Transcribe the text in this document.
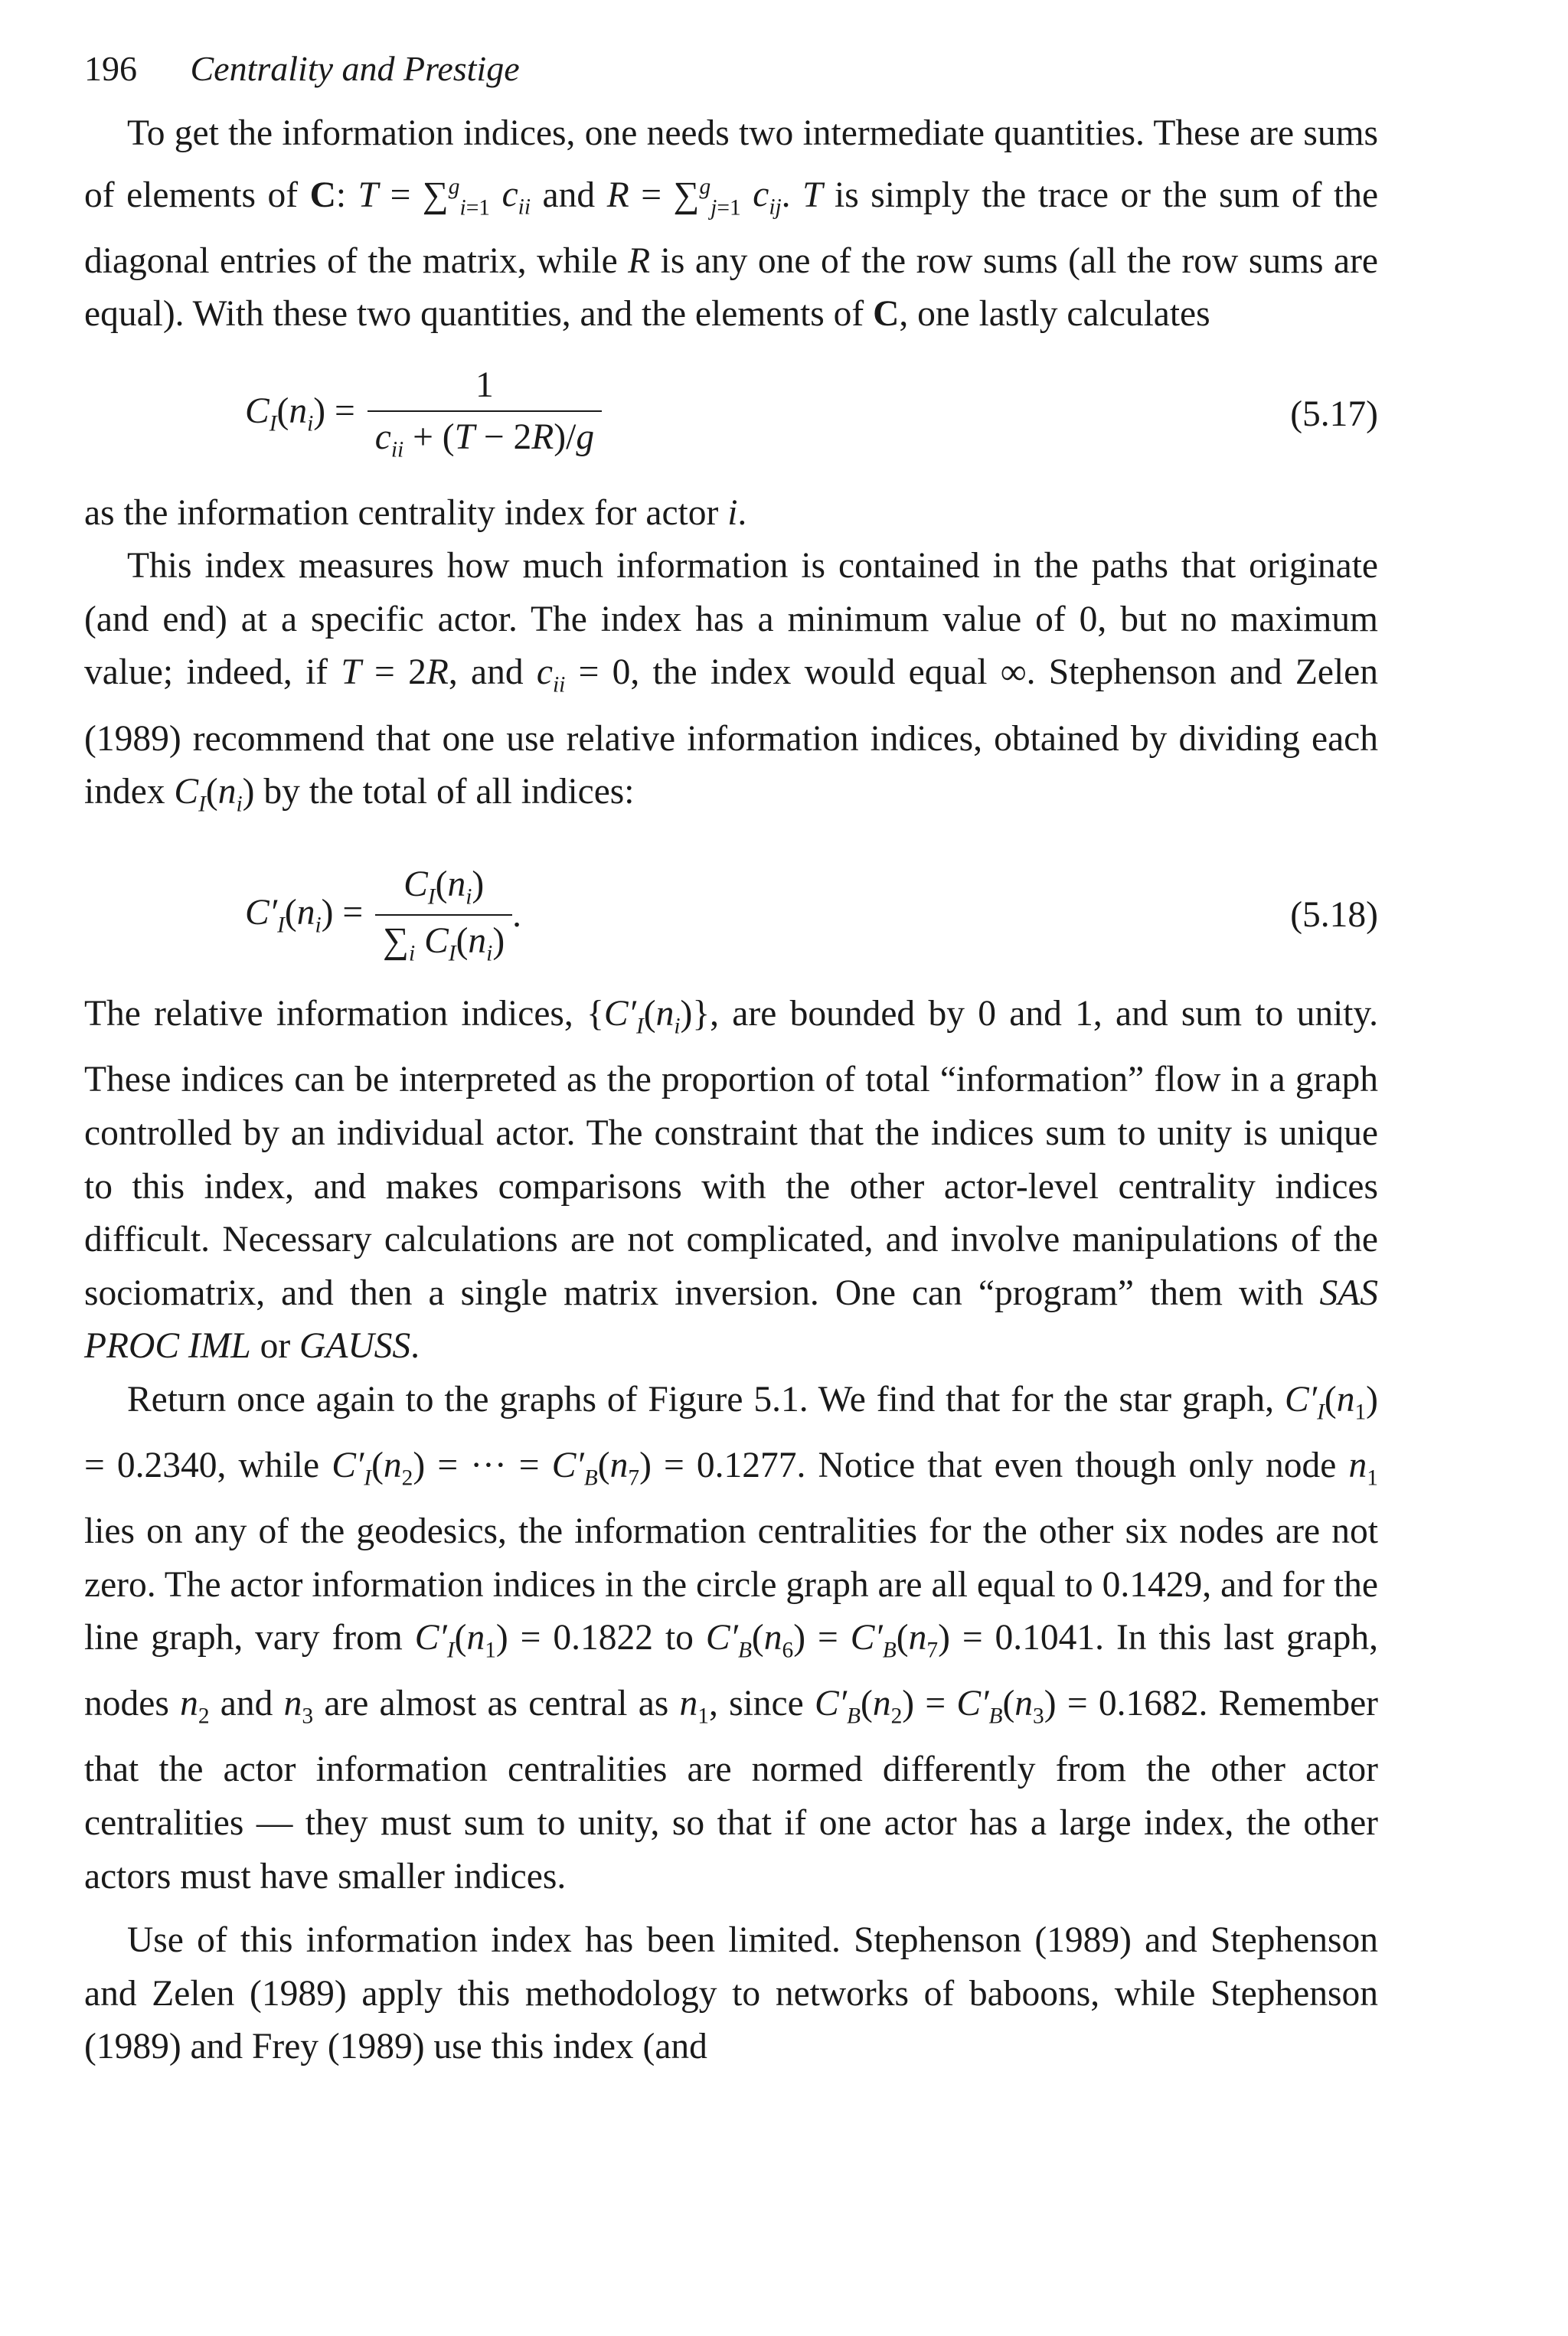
196 Centrality and Prestige

To get the information indices, one needs two intermediate quantities. These are sums of elements of C: T = ∑$^g_{i=1}$ $c_{ii}$ and R = ∑$^g_{j=1}$ $c_{ij}$. T is simply the trace or the sum of the diagonal entries of the matrix, while R is any one of the row sums (all the row sums are equal). With these two quantities, and the elements of C, one lastly calculates

$C_I(n_i) = \frac{1}{c_{ii} + (T - 2R)/g}$	(5.17)

as the information centrality index for actor i.

This index measures how much information is contained in the paths that originate (and end) at a specific actor. The index has a minimum value of 0, but no maximum value; indeed, if T = 2R, and $c_{ii} = 0$, the index would equal ∞. Stephenson and Zelen (1989) recommend that one use relative information indices, obtained by dividing each index $C_I(n_i)$ by the total of all indices:

$C'_I(n_i) = \frac{C_I(n_i)}{\sum_i C_I(n_i)}$ .	(5.18)

The relative information indices, $\{C'_I(n_i)\}$, are bounded by 0 and 1, and sum to unity. These indices can be interpreted as the proportion of total “information” flow in a graph controlled by an individual actor. The constraint that the indices sum to unity is unique to this index, and makes comparisons with the other actor-level centrality indices difficult. Necessary calculations are not complicated, and involve manipulations of the sociomatrix, and then a single matrix inversion. One can “program” them with SAS PROC IML or GAUSS.

Return once again to the graphs of Figure 5.1. We find that for the star graph, $C'_I(n_1) = 0.2340$, while $C'_I(n_2)$ = ··· = $C'_B(n_7) = 0.1277$. Notice that even though only node $n_1$ lies on any of the geodesics, the information centralities for the other six nodes are not zero. The actor information indices in the circle graph are all equal to 0.1429, and for the line graph, vary from $C'_I(n_1) = 0.1822$ to $C'_B(n_6) = C'_B(n_7) = 0.1041$. In this last graph, nodes $n_2$ and $n_3$ are almost as central as $n_1$, since $C'_B(n_2) = C'_B(n_3) = 0.1682$. Remember that the actor information centralities are normed differently from the other actor centralities — they must sum to unity, so that if one actor has a large index, the other actors must have smaller indices.

Use of this information index has been limited. Stephenson (1989) and Stephenson and Zelen (1989) apply this methodology to networks of baboons, while Stephenson (1989) and Frey (1989) use this index (and
